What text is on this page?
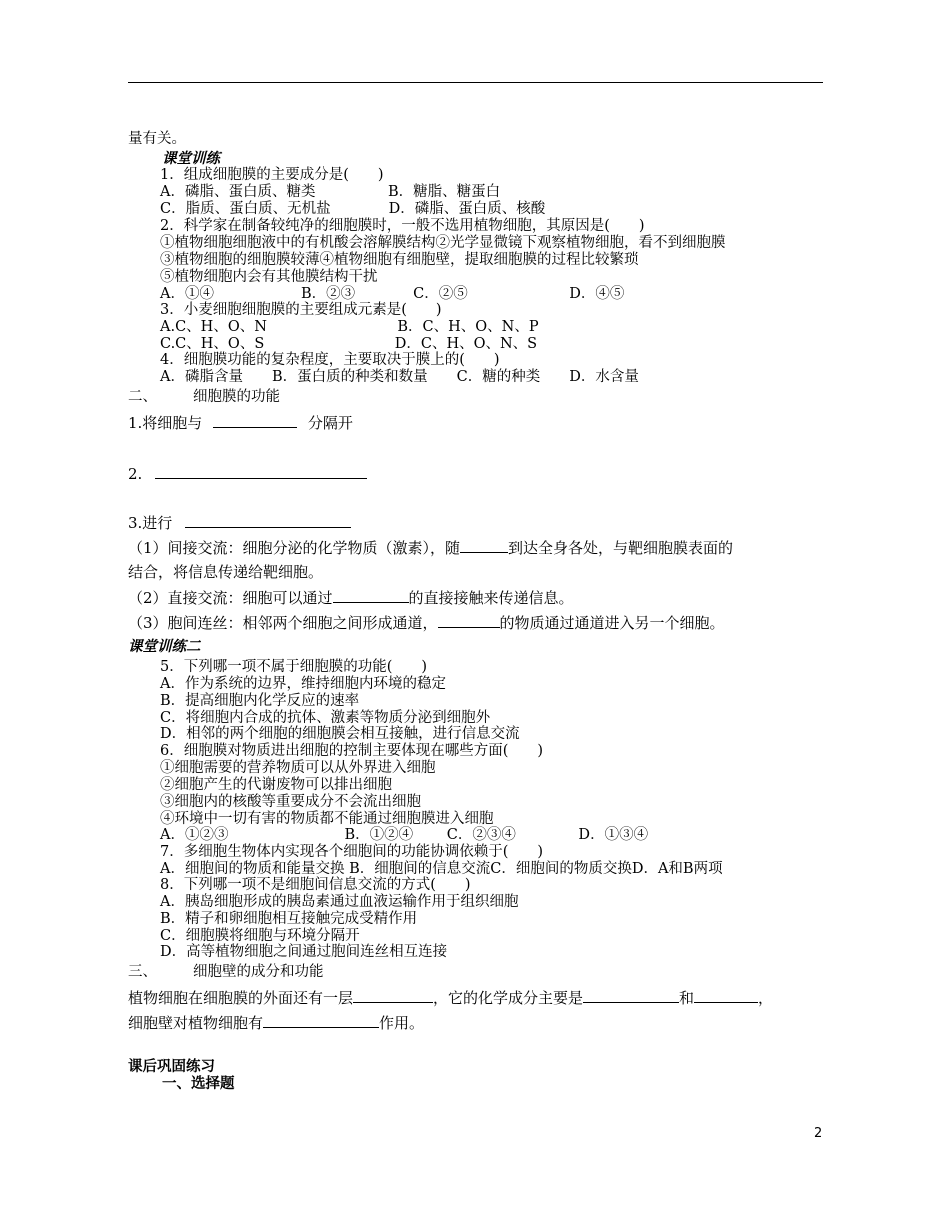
量有关。
课堂训练
1．组成细胞膜的主要成分是(　　)
A．磷脂、蛋白质、糖类　　　　　B．糖脂、糖蛋白
C．脂质、蛋白质、无机盐　　　　D．磷脂、蛋白质、核酸
2．科学家在制备较纯净的细胞膜时，一般不选用植物细胞，其原因是(　　)
①植物细胞细胞液中的有机酸会溶解膜结构②光学显微镜下观察植物细胞，看不到细胞膜
③植物细胞的细胞膜较薄④植物细胞有细胞壁，提取细胞膜的过程比较繁琐
⑤植物细胞内会有其他膜结构干扰
A．①④　　　　　　B．②③　　　　C．②⑤　　　　　　　D．④⑤
3．小麦细胞细胞膜的主要组成元素是(　　)
A.C、H、O、N　　　　　　　　　B．C、H、O、N、P
C.C、H、O、S　　　　　　　　　D．C、H、O、N、S
4．细胞膜功能的复杂程度，主要取决于膜上的(　　)
A．磷脂含量　　B．蛋白质的种类和数量　　C．糖的种类　　D．水含量
二、 细胞膜的功能
1.将细胞与	分隔开
2.
3.进行
（1）间接交流：细胞分泌的化学物质（激素），随	到达全身各处，与靶细胞膜表面的
结合，将信息传递给靶细胞。
（2）直接交流：细胞可以通过	的直接接触来传递信息。
（3）胞间连丝：相邻两个细胞之间形成通道，	的物质通过通道进入另一个细胞。
课堂训练二
5．下列哪一项不属于细胞膜的功能(　　)
A．作为系统的边界，维持细胞内环境的稳定
B．提高细胞内化学反应的速率
C．将细胞内合成的抗体、激素等物质分泌到细胞外
D．相邻的两个细胞的细胞膜会相互接触，进行信息交流
6．细胞膜对物质进出细胞的控制主要体现在哪些方面(　　)
①细胞需要的营养物质可以从外界进入细胞
②细胞产生的代谢废物可以排出细胞
③细胞内的核酸等重要成分不会流出细胞
④环境中一切有害的物质都不能通过细胞膜进入细胞
A．①②③　　　　　　　　B．①②④　　 C．②③④　　　　 D．①③④
7．多细胞生物体内实现各个细胞间的功能协调依赖于(　　)
A．细胞间的物质和能量交换 B．细胞间的信息交流C．细胞间的物质交换D．A和B两项
8．下列哪一项不是细胞间信息交流的方式(　　)
A．胰岛细胞形成的胰岛素通过血液运输作用于组织细胞
B．精子和卵细胞相互接触完成受精作用
C．细胞膜将细胞与环境分隔开
D．高等植物细胞之间通过胞间连丝相互连接
三、 细胞壁的成分和功能
植物细胞在细胞膜的外面还有一层	，它的化学成分主要是	和	，
细胞壁对植物细胞有	作用。
课后巩固练习
一、选择题
2
